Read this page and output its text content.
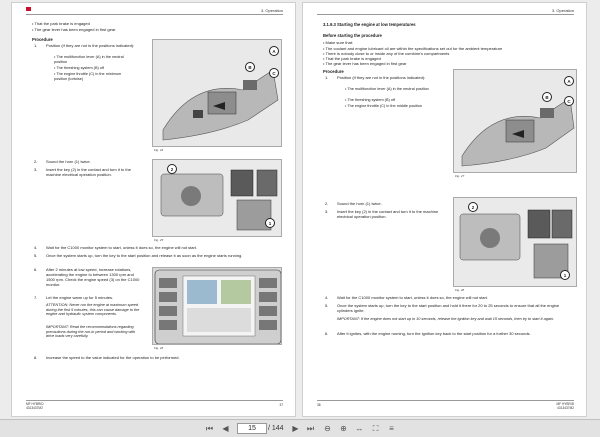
3. Operation
• That the park brake is engaged
• The gear lever has been engaged in first gear
Procedure
1. Position (if they are not in the positions indicated):
• The multifunction lever (A) in the neutral position
• The threshing system (B) off
• The engine throttle (C) in the minimum position (tortoise)
A
C
B
Fig. 24
2. Sound the horn (1) twice.
3. Insert the key (2) in the contact and turn it to the machine electrical operation position.
2
1
Fig. 25
4. Wait for the C1000 monitor system to start, unless it does so, the engine will not start.
5. Once the system starts up, turn the key to the start position and release it as soon as the engine starts running.
6. After 2 minutes at low speed, increase rotations, accelerating the engine to between 1300 rpm and 1500 rpm. Check the engine speed (3) on the C1000 monitor.
7. Let the engine warm up for 5 minutes.
ATTENTION: Never run the engine at maximum speed during the first 5 minutes, this can cause damage to the engine and hydraulic system components.
IMPORTANT: Read the recommendations regarding precautions during the run-in period and working with drive loads very carefully.
Fig. 26
8. Increase the speed to the value indicated for the operation to be performed.
MF HYBRID
4313437M2
37
3. Operation
3.1.9.3 Starting the engine at low temperatures
Before starting the procedure
• Make sure that:
• The coolant and engine lubricant oil are within the specifications set out for the ambient temperature
• There is nobody close to or inside any of the combine's compartments
• That the park brake is engaged
• The gear lever has been engaged in first gear
Procedure
1. Position (if they are not in the positions indicated):
• The multifunction lever (A) in the neutral position
• The threshing system (B) off
• The engine throttle (C) in the middle position
A
C
B
Fig. 27
2. Sound the horn (1) twice.
3. Insert the key (2) in the contact and turn it to the machine electrical operation position.
2
1
Fig. 28
4. Wait for the C1000 monitor system to start, unless it does so, the engine will not start.
5. Once the system starts up, turn the key to the start position and hold it there for 20 to 25 seconds to ensure that all the engine cylinders ignite.
IMPORTANT: If the engine does not start up in 10 seconds, release the ignition key and wait 15 seconds, then try to start it again.
6. After it ignites, with the engine running, turn the ignition key back to the start position for a further 30 seconds.
38	MF HYBRID
4313437M2
⏮	◀	15	/ 144	▶	⏭ ⊖ ⊕ ↔	⛶	≡
